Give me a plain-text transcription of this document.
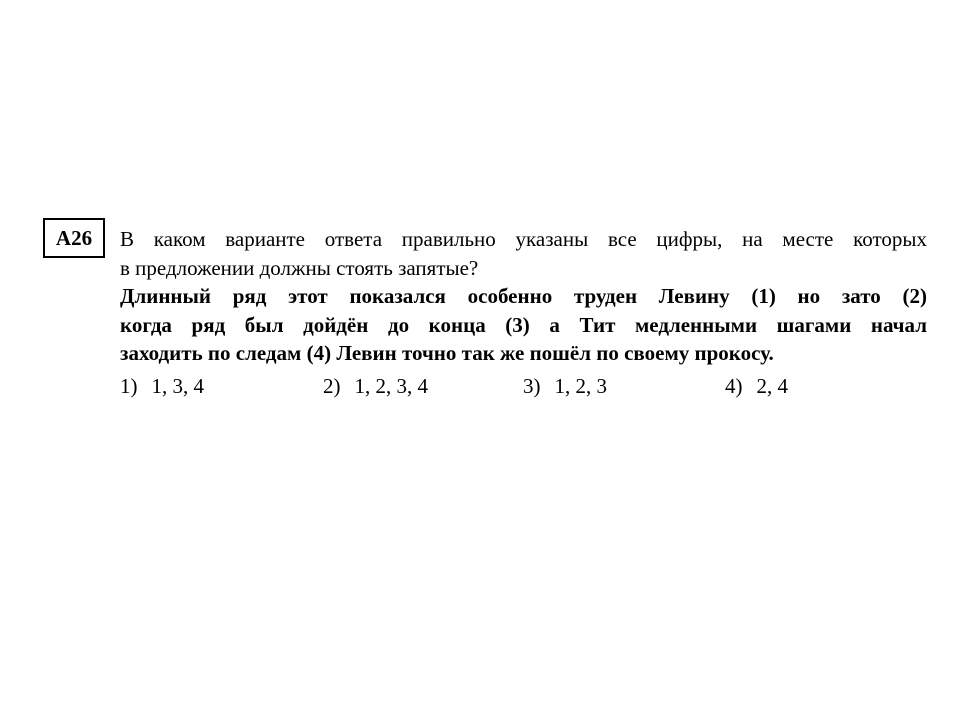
А26 В каком варианте ответа правильно указаны все цифры, на месте которых
в предложении должны стоять запятые?
Длинный ряд этот показался особенно труден Левину (1) но зато (2)
когда ряд был дойдён до конца (3) а Тит медленными шагами начал
заходить по следам (4) Левин точно так же пошёл по своему прокосу.
1) 1, 3, 4	2) 1, 2, 3, 4	3) 1, 2, 3	4) 2, 4
